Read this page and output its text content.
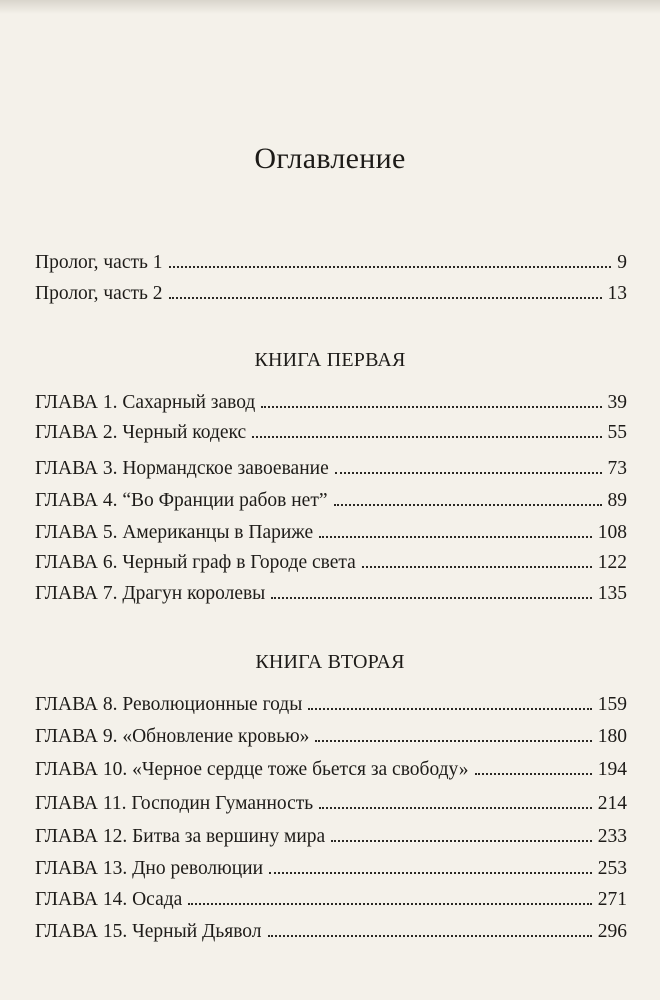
Оглавление
Пролог, часть 1	9
Пролог, часть 2	13
КНИГА ПЕРВАЯ
ГЛАВА 1. Сахарный завод	39
ГЛАВА 2. Черный кодекс	55
ГЛАВА 3. Нормандское завоевание	73
ГЛАВА 4. “Во Франции рабов нет”	89
ГЛАВА 5. Американцы в Париже	108
ГЛАВА 6. Черный граф в Городе света	122
ГЛАВА 7. Драгун королевы	135
КНИГА ВТОРАЯ
ГЛАВА 8. Революционные годы	159
ГЛАВА 9. «Обновление кровью»	180
ГЛАВА 10. «Черное сердце тоже бьется за свободу»	194
ГЛАВА 11. Господин Гуманность	214
ГЛАВА 12. Битва за вершину мира	233
ГЛАВА 13. Дно революции	253
ГЛАВА 14. Осада	271
ГЛАВА 15. Черный Дьявол	296
